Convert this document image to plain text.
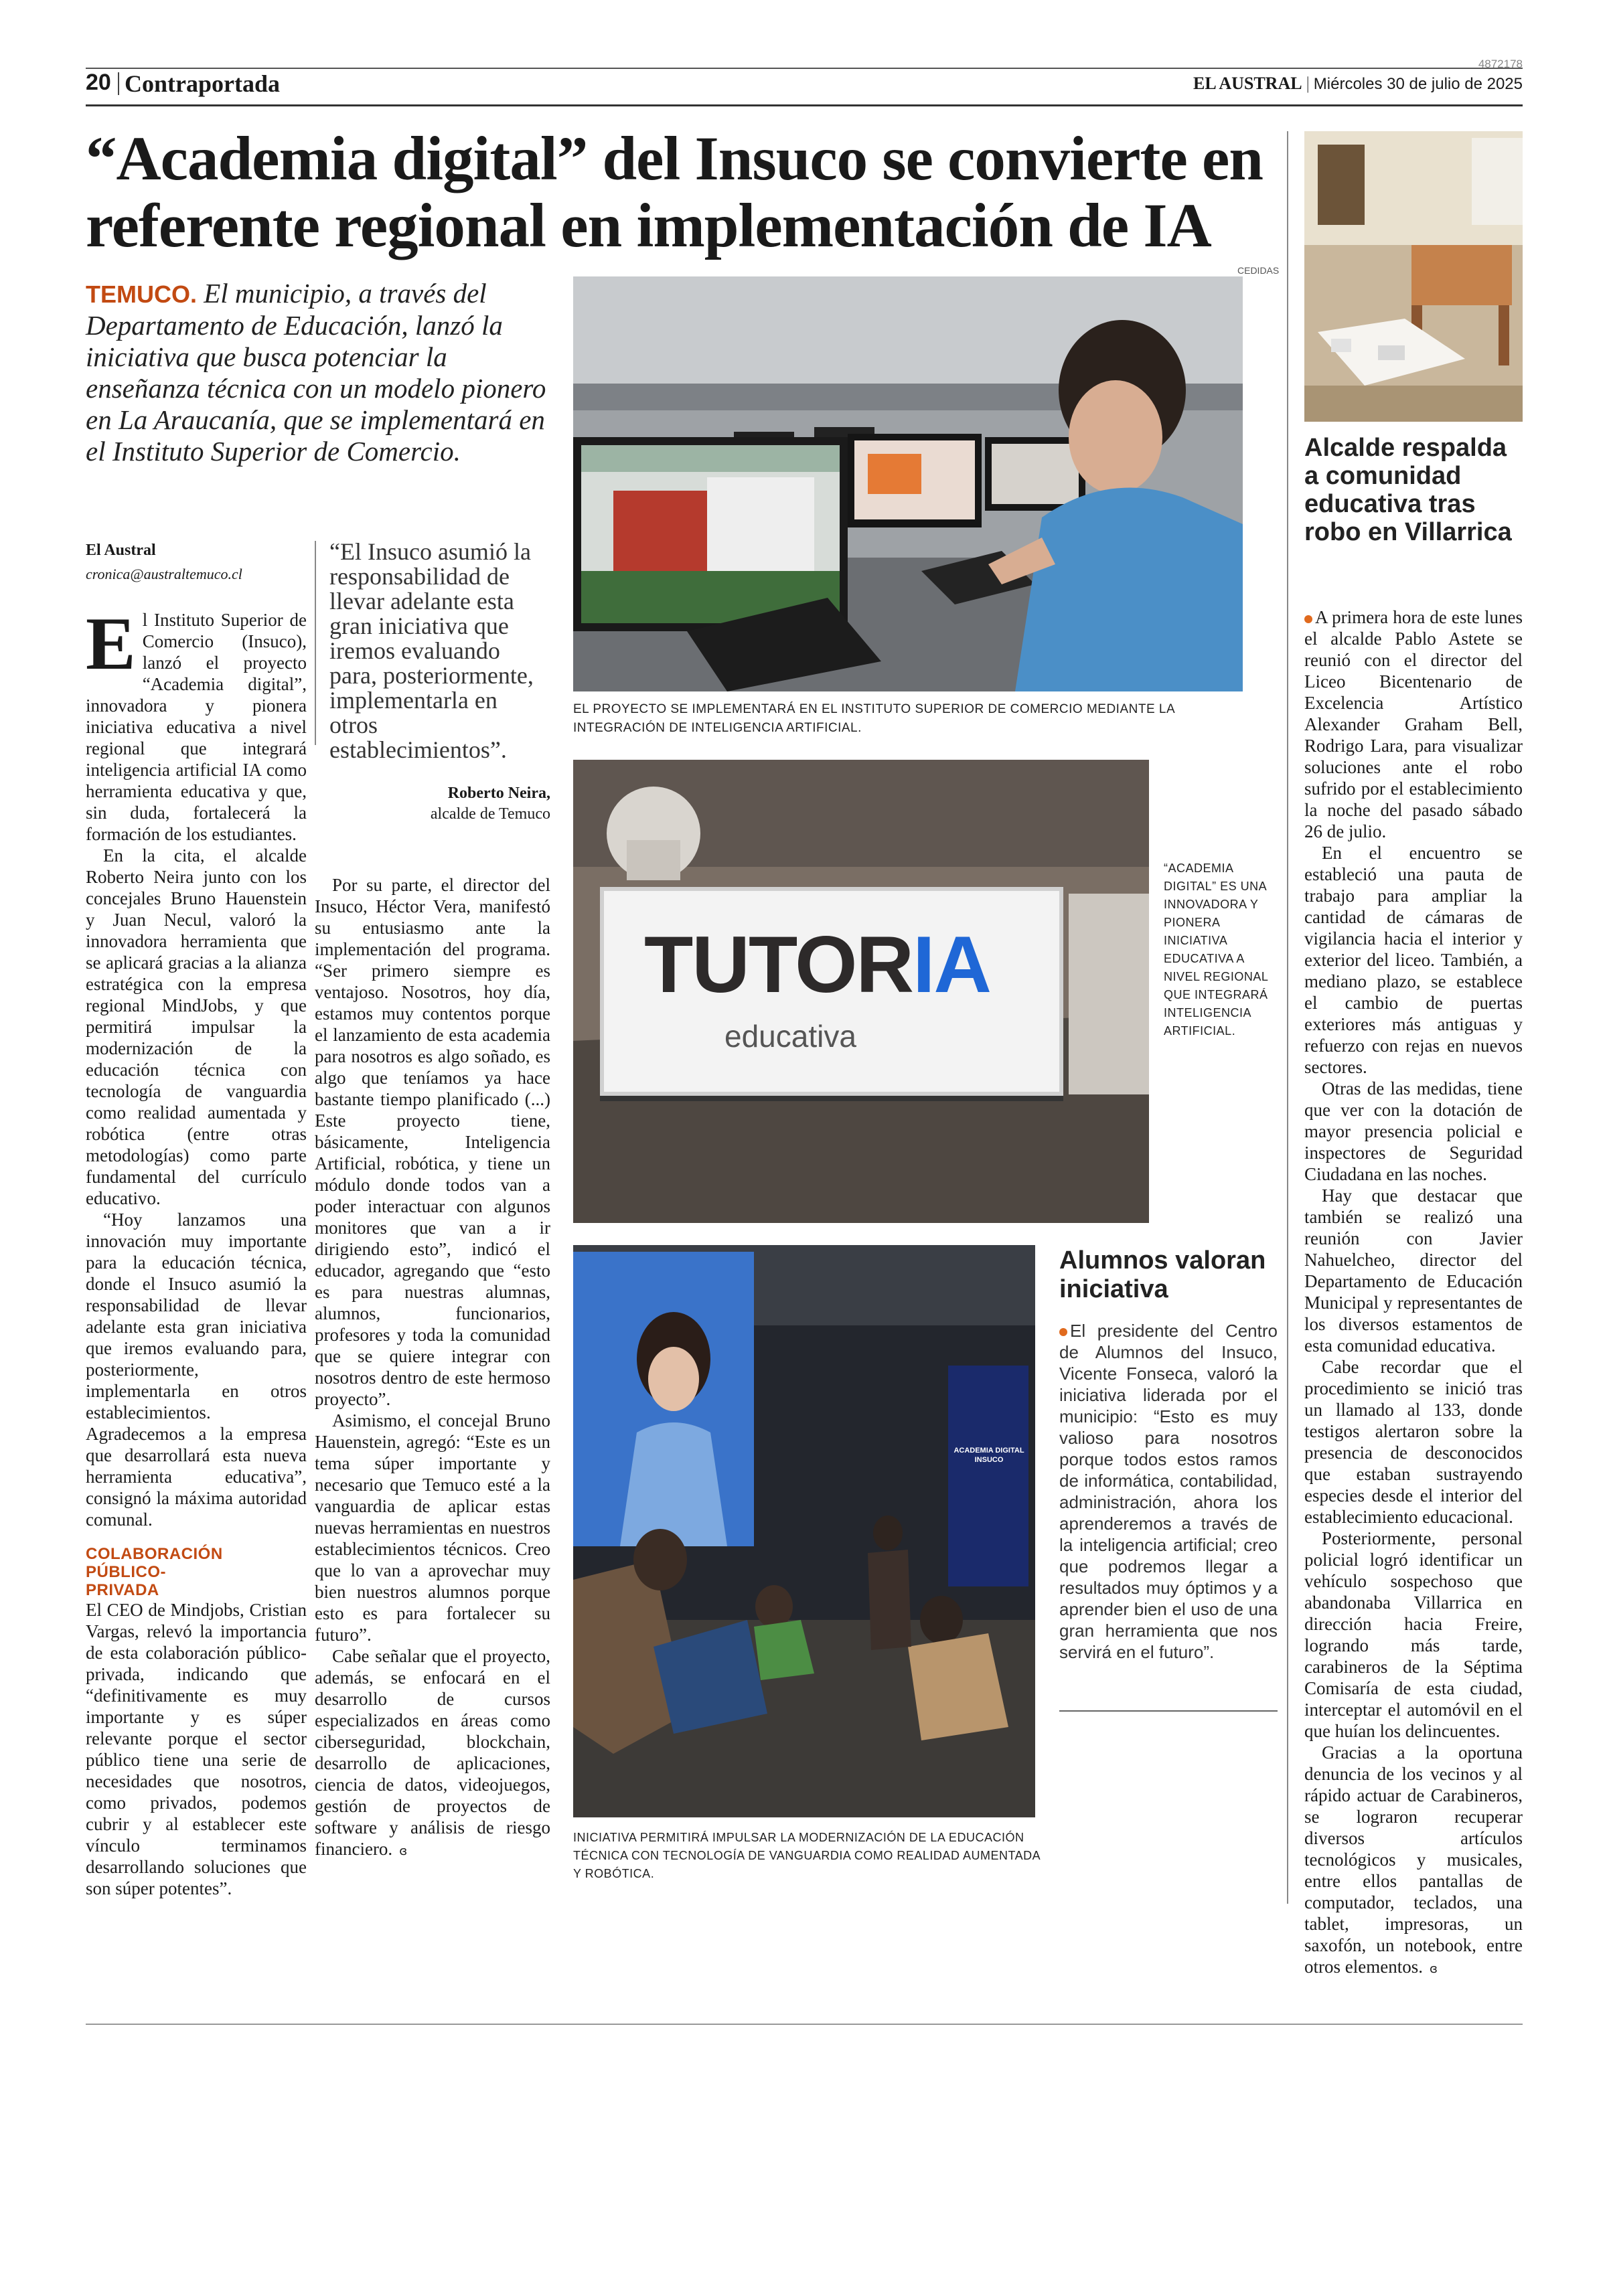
20 Contraportada
4872178
EL AUSTRAL | Miércoles 30 de julio de 2025
“Academia digital” del Insuco se convierte en
referente regional en implementación de IA
CEDIDAS
TEMUCO. El municipio, a través del Departamento de Educación, lanzó la iniciativa que busca potenciar la enseñanza técnica con un modelo pionero en La Araucanía, que se implementará en el Instituto Superior de Comercio.
El Austral
cronica@australtemuco.cl
“El Insuco asumió la responsabilidad de llevar adelante esta gran iniciativa que iremos evaluando para, posteriormente, implementarla en otros establecimientos”.
Roberto Neira,
alcalde de Temuco

El Instituto Superior de Comercio (Insuco), lanzó el proyecto “Academia digital”, innovadora y pionera iniciativa educativa a nivel regional que integrará inteligencia artificial IA como herramienta educativa y que, sin duda, fortalecerá la formación de los estudiantes.

En la cita, el alcalde Roberto Neira junto con los concejales Bruno Hauenstein y Juan Necul, valoró la innovadora herramienta que se aplicará gracias a la alianza estratégica con la empresa regional MindJobs, y que permitirá impulsar la modernización de la educación técnica con tecnología de vanguardia como realidad aumentada y robótica (entre otras metodologías) como parte fundamental del currículo educativo.

“Hoy lanzamos una innovación muy importante para la educación técnica, donde el Insuco asumió la responsabilidad de llevar adelante esta gran iniciativa que iremos evaluando para, posteriormente, implementarla en otros establecimientos. Agradecemos a la empresa que desarrollará esta nueva herramienta educativa”, consignó la máxima autoridad comunal.

COLABORACIÓN PÚBLICO-PRIVADA

El CEO de Mindjobs, Cristian Vargas, relevó la importancia de esta colaboración público-privada, indicando que “definitivamente es muy importante y es súper relevante porque el sector público tiene una serie de necesidades que nosotros, como privados, podemos cubrir y al establecer este vínculo terminamos desarrollando soluciones que son súper potentes”.

Por su parte, el director del Insuco, Héctor Vera, manifestó su entusiasmo ante la implementación del programa. “Ser primero siempre es ventajoso. Nosotros, hoy día, estamos muy contentos porque el lanzamiento de esta academia para nosotros es algo soñado, es algo que teníamos ya hace bastante tiempo planificado (...) Este proyecto tiene, básicamente, Inteligencia Artificial, robótica, y tiene un módulo donde todos van a poder interactuar con algunos monitores que van a ir dirigiendo esto”, indicó el educador, agregando que “esto es para nuestras alumnas, alumnos, funcionarios, profesores y toda la comunidad que se quiere integrar con nosotros dentro de este hermoso proyecto”.

Asimismo, el concejal Bruno Hauenstein, agregó: “Este es un tema súper importante y necesario que Temuco esté a la vanguardia de aplicar estas nuevas herramientas en nuestros establecimientos técnicos. Creo que lo van a aprovechar muy bien nuestros alumnos porque esto es para fortalecer su futuro”.

Cabe señalar que el proyecto, además, se enfocará en el desarrollo de cursos especializados en áreas como ciberseguridad, blockchain, desarrollo de aplicaciones, ciencia de datos, videojuegos, gestión de proyectos de software y análisis de riesgo financiero. ɞ

EL PROYECTO SE IMPLEMENTARÁ EN EL INSTITUTO SUPERIOR DE COMERCIO MEDIANTE LA INTEGRACIÓN DE INTELIGENCIA ARTIFICIAL.
TUTORIA
educativa
“ACADEMIA DIGITAL” ES UNA INNOVADORA Y PIONERA INICIATIVA EDUCATIVA A NIVEL REGIONAL QUE INTEGRARÁ INTELIGENCIA ARTIFICIAL.
ACADEMIA DIGITAL INSUCO
INICIATIVA PERMITIRÁ IMPULSAR LA MODERNIZACIÓN DE LA EDUCACIÓN TÉCNICA CON TECNOLOGÍA DE VANGUARDIA COMO REALIDAD AUMENTADA Y ROBÓTICA.
Alumnos valoran iniciativa
El presidente del Centro de Alumnos del Insuco, Vicente Fonseca, valoró la iniciativa liderada por el municipio: “Esto es muy valioso para nosotros porque todos estos ramos de informática, contabilidad, administración, ahora los aprenderemos a través de la inteligencia artificial; creo que podremos llegar a resultados muy óptimos y a aprender bien el uso de una gran herramienta que nos servirá en el futuro”.
Alcalde respalda a comunidad educativa tras robo en Villarrica

A primera hora de este lunes el alcalde Pablo Astete se reunió con el director del Liceo Bicentenario de Excelencia Artístico Alexander Graham Bell, Rodrigo Lara, para visualizar soluciones ante el robo sufrido por el establecimiento la noche del pasado sábado 26 de julio.

En el encuentro se estableció una pauta de trabajo para ampliar la cantidad de cámaras de vigilancia hacia el interior y exterior del liceo. También, a mediano plazo, se establece el cambio de puertas exteriores más antiguas y refuerzo con rejas en nuevos sectores.

Otras de las medidas, tiene que ver con la dotación de mayor presencia policial e inspectores de Seguridad Ciudadana en las noches.

Hay que destacar que también se realizó una reunión con Javier Nahuelcheo, director del Departamento de Educación Municipal y representantes de los diversos estamentos de esta comunidad educativa.

Cabe recordar que el procedimiento se inició tras un llamado al 133, donde testigos alertaron sobre la presencia de desconocidos que estaban sustrayendo especies desde el interior del establecimiento educacional.

Posteriormente, personal policial logró identificar un vehículo sospechoso que abandonaba Villarrica en dirección hacia Freire, logrando más tarde, carabineros de la Séptima Comisaría de esta ciudad, interceptar el automóvil en el que huían los delincuentes.

Gracias a la oportuna denuncia de los vecinos y al rápido actuar de Carabineros, se lograron recuperar diversos artículos tecnológicos y musicales, entre ellos pantallas de computador, teclados, una tablet, impresoras, un saxofón, un notebook, entre otros elementos. ɞ
